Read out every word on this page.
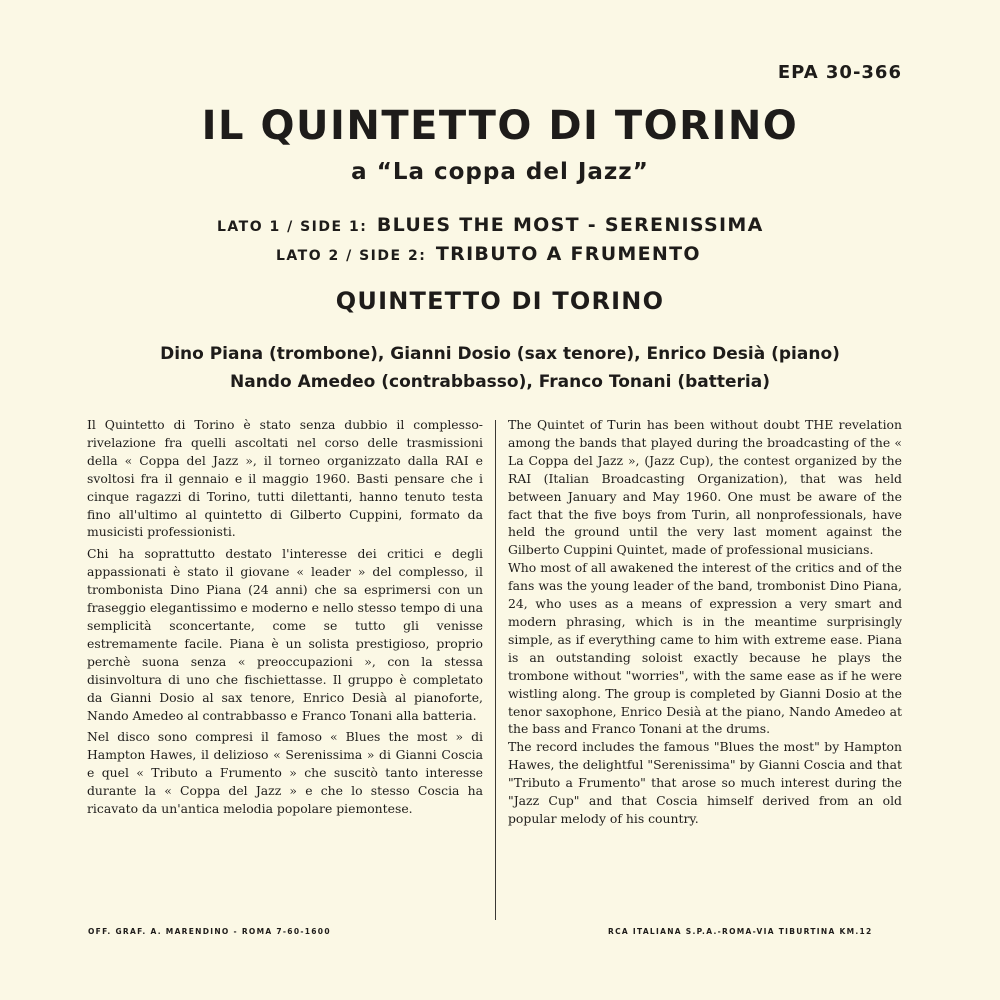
EPA 30-366
IL QUINTETTO DI TORINO
a “La coppa del Jazz”
LATO 1 / SIDE 1: BLUES THE MOST - SERENISSIMA
LATO 2 / SIDE 2: TRIBUTO A FRUMENTO
QUINTETTO DI TORINO
Dino Piana (trombone), Gianni Dosio (sax tenore), Enrico Desià (piano)
Nando Amedeo (contrabbasso), Franco Tonani (batteria)

Il Quintetto di Torino è stato senza dubbio il complesso-rivelazione fra quelli ascoltati nel corso delle trasmissioni della « Coppa del Jazz », il torneo organizzato dalla RAI e svoltosi fra il gennaio e il maggio 1960. Basti pensare che i cinque ragazzi di Torino, tutti dilettanti, hanno tenuto testa fino all'ultimo al quintetto di Gilberto Cuppini, formato da musicisti professionisti.

Chi ha soprattutto destato l'interesse dei critici e degli appassionati è stato il giovane « leader » del complesso, il trombonista Dino Piana (24 anni) che sa esprimersi con un fraseggio elegantissimo e moderno e nello stesso tempo di una semplicità sconcertante, come se tutto gli venisse estremamente facile. Piana è un solista prestigioso, proprio perchè suona senza « preoccupazioni », con la stessa disinvoltura di uno che fischiettasse. Il gruppo è completato da Gianni Dosio al sax tenore, Enrico Desià al pianoforte, Nando Amedeo al contrabbasso e Franco Tonani alla batteria.

Nel disco sono compresi il famoso « Blues the most » di Hampton Hawes, il delizioso « Serenissima » di Gianni Coscia e quel « Tributo a Frumento » che suscitò tanto interesse durante la « Coppa del Jazz » e che lo stesso Coscia ha ricavato da un'antica melodia popolare piemontese.

The Quintet of Turin has been without doubt THE revelation among the bands that played during the broadcasting of the « La Coppa del Jazz », (Jazz Cup), the contest organized by the RAI (Italian Broadcasting Organization), that was held between January and May 1960. One must be aware of the fact that the five boys from Turin, all nonprofessionals, have held the ground until the very last moment against the Gilberto Cuppini Quintet, made of professional musicians.

Who most of all awakened the interest of the critics and of the fans was the young leader of the band, trombonist Dino Piana, 24, who uses as a means of expression a very smart and modern phrasing, which is in the meantime surprisingly simple, as if everything came to him with extreme ease. Piana is an outstanding soloist exactly because he plays the trombone without "worries", with the same ease as if he were wistling along. The group is completed by Gianni Dosio at the tenor saxophone, Enrico Desià at the piano, Nando Amedeo at the bass and Franco Tonani at the drums.

The record includes the famous "Blues the most" by Hampton Hawes, the delightful "Serenissima" by Gianni Coscia and that "Tributo a Frumento" that arose so much interest during the "Jazz Cup" and that Coscia himself derived from an old popular melody of his country.

OFF. GRAF. A. MARENDINO - ROMA 7-60-1600	RCA ITALIANA S.P.A.-ROMA-VIA TIBURTINA KM.12
